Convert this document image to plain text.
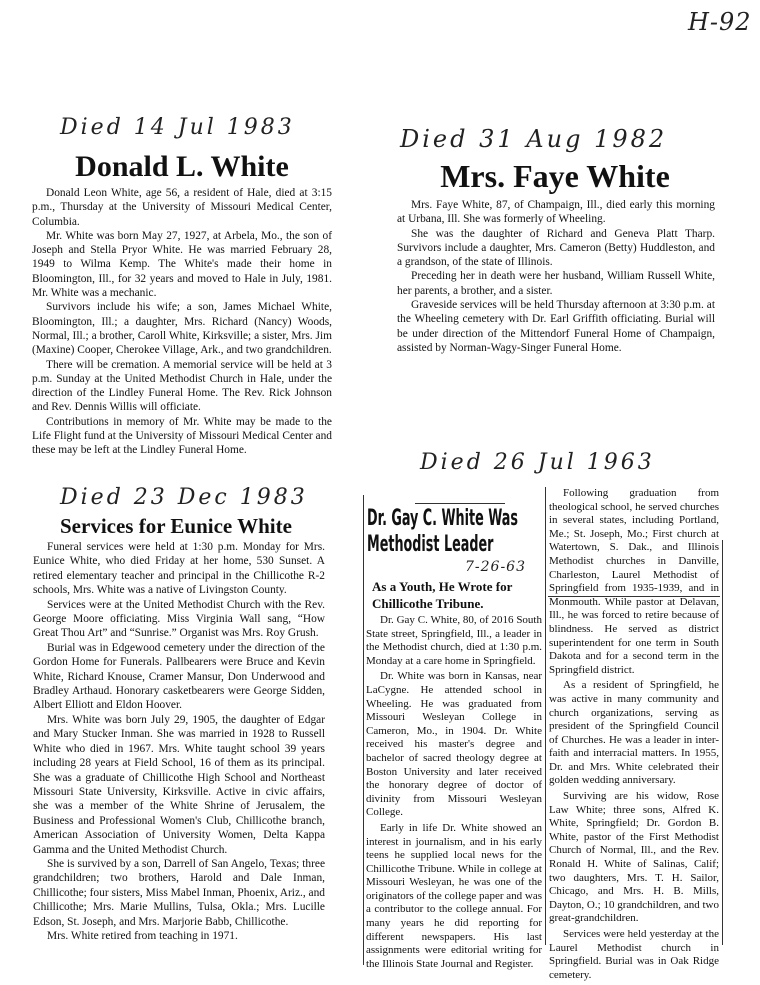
H-92
Died 14 Jul 1983
Donald L. White

Donald Leon White, age 56, a resident of Hale, died at 3:15 p.m., Thursday at the University of Missouri Medical Center, Columbia.

Mr. White was born May 27, 1927, at Arbela, Mo., the son of Joseph and Stella Pryor White. He was married February 28, 1949 to Wilma Kemp. The White's made their home in Bloomington, Ill., for 32 years and moved to Hale in July, 1981. Mr. White was a mechanic.

Survivors include his wife; a son, James Michael White, Bloomington, Ill.; a daughter, Mrs. Richard (Nancy) Woods, Normal, Ill.; a brother, Caroll White, Kirksville; a sister, Mrs. Jim (Maxine) Cooper, Cherokee Village, Ark., and two grandchildren.

There will be cremation. A memorial service will be held at 3 p.m. Sunday at the United Methodist Church in Hale, under the direction of the Lindley Funeral Home. The Rev. Rick Johnson and Rev. Dennis Willis will officiate.

Contributions in memory of Mr. White may be made to the Life Flight fund at the University of Missouri Medical Center and these may be left at the Lindley Funeral Home.

Died 31 Aug 1982
Mrs. Faye White

Mrs. Faye White, 87, of Champaign, Ill., died early this morning at Urbana, Ill. She was formerly of Wheeling.

She was the daughter of Richard and Geneva Platt Tharp. Survivors include a daughter, Mrs. Cameron (Betty) Huddleston, and a grandson, of the state of Illinois.

Preceding her in death were her husband, William Russell White, her parents, a brother, and a sister.

Graveside services will be held Thursday afternoon at 3:30 p.m. at the Wheeling cemetery with Dr. Earl Griffith officiating. Burial will be under direction of the Mittendorf Funeral Home of Champaign, assisted by Norman-Wagy-Singer Funeral Home.

Died 23 Dec 1983
Services for Eunice White

Funeral services were held at 1:30 p.m. Monday for Mrs. Eunice White, who died Friday at her home, 530 Sunset. A retired elementary teacher and principal in the Chillicothe R-2 schools, Mrs. White was a native of Livingston County.

Services were at the United Methodist Church with the Rev. George Moore officiating. Miss Virginia Wall sang, “How Great Thou Art” and “Sunrise.” Organist was Mrs. Roy Grush.

Burial was in Edgewood cemetery under the direction of the Gordon Home for Funerals. Pallbearers were Bruce and Kevin White, Richard Knouse, Cramer Mansur, Don Underwood and Bradley Arthaud. Honorary casketbearers were George Sidden, Albert Elliott and Eldon Hoover.

Mrs. White was born July 29, 1905, the daughter of Edgar and Mary Stucker Inman. She was married in 1928 to Russell White who died in 1967. Mrs. White taught school 39 years including 28 years at Field School, 16 of them as its principal. She was a graduate of Chillicothe High School and Northeast Missouri State University, Kirksville. Active in civic affairs, she was a member of the White Shrine of Jerusalem, the Business and Professional Women's Club, Chillicothe branch, American Association of University Women, Delta Kappa Gamma and the United Methodist Church.

She is survived by a son, Darrell of San Angelo, Texas; three grandchildren; two brothers, Harold and Dale Inman, Chillicothe; four sisters, Miss Mabel Inman, Phoenix, Ariz., and Chillicothe; Mrs. Marie Mullins, Tulsa, Okla.; Mrs. Lucille Edson, St. Joseph, and Mrs. Marjorie Babb, Chillicothe.

Mrs. White retired from teaching in 1971.

Died 26 Jul 1963
Dr. Gay C. White Was
Methodist Leader
7-26-63
As a Youth, He Wrote for
Chillicothe Tribune.

Dr. Gay C. White, 80, of 2016 South State street, Springfield, Ill., a leader in the Methodist church, died at 1:30 p.m. Monday at a care home in Springfield.

Dr. White was born in Kansas, near LaCygne. He attended school in Wheeling. He was graduated from Missouri Wesleyan College in Cameron, Mo., in 1904. Dr. White received his master's degree and bachelor of sacred theology degree at Boston University and later received the honorary degree of doctor of divinity from Missouri Wesleyan College.

Early in life Dr. White showed an interest in journalism, and in his early teens he supplied local news for the Chillicothe Tribune. While in college at Missouri Wesleyan, he was one of the originators of the college paper and was a contributor to the college annual. For many years he did reporting for different newspapers. His last assignments were editorial writing for the Illinois State Journal and Register.

Following graduation from theological school, he served churches in several states, including Portland, Me.; St. Joseph, Mo.; First church at Watertown, S. Dak., and Illinois Methodist churches in Danville, Charleston, Laurel Methodist of Springfield from 1935-1939, and in Monmouth. While pastor at Delavan, Ill., he was forced to retire because of blindness. He served as district superintendent for one term in South Dakota and for a second term in the Springfield district.

As a resident of Springfield, he was active in many community and church organizations, serving as president of the Springfield Council of Churches. He was a leader in inter-faith and interracial matters. In 1955, Dr. and Mrs. White celebrated their golden wedding anniversary.

Surviving are his widow, Rose Law White; three sons, Alfred K. White, Springfield; Dr. Gordon B. White, pastor of the First Methodist Church of Normal, Ill., and the Rev. Ronald H. White of Salinas, Calif; two daughters, Mrs. T. H. Sailor, Chicago, and Mrs. H. B. Mills, Dayton, O.; 10 grandchildren, and two great-grandchildren.

Services were held yesterday at the Laurel Methodist church in Springfield. Burial was in Oak Ridge cemetery.
